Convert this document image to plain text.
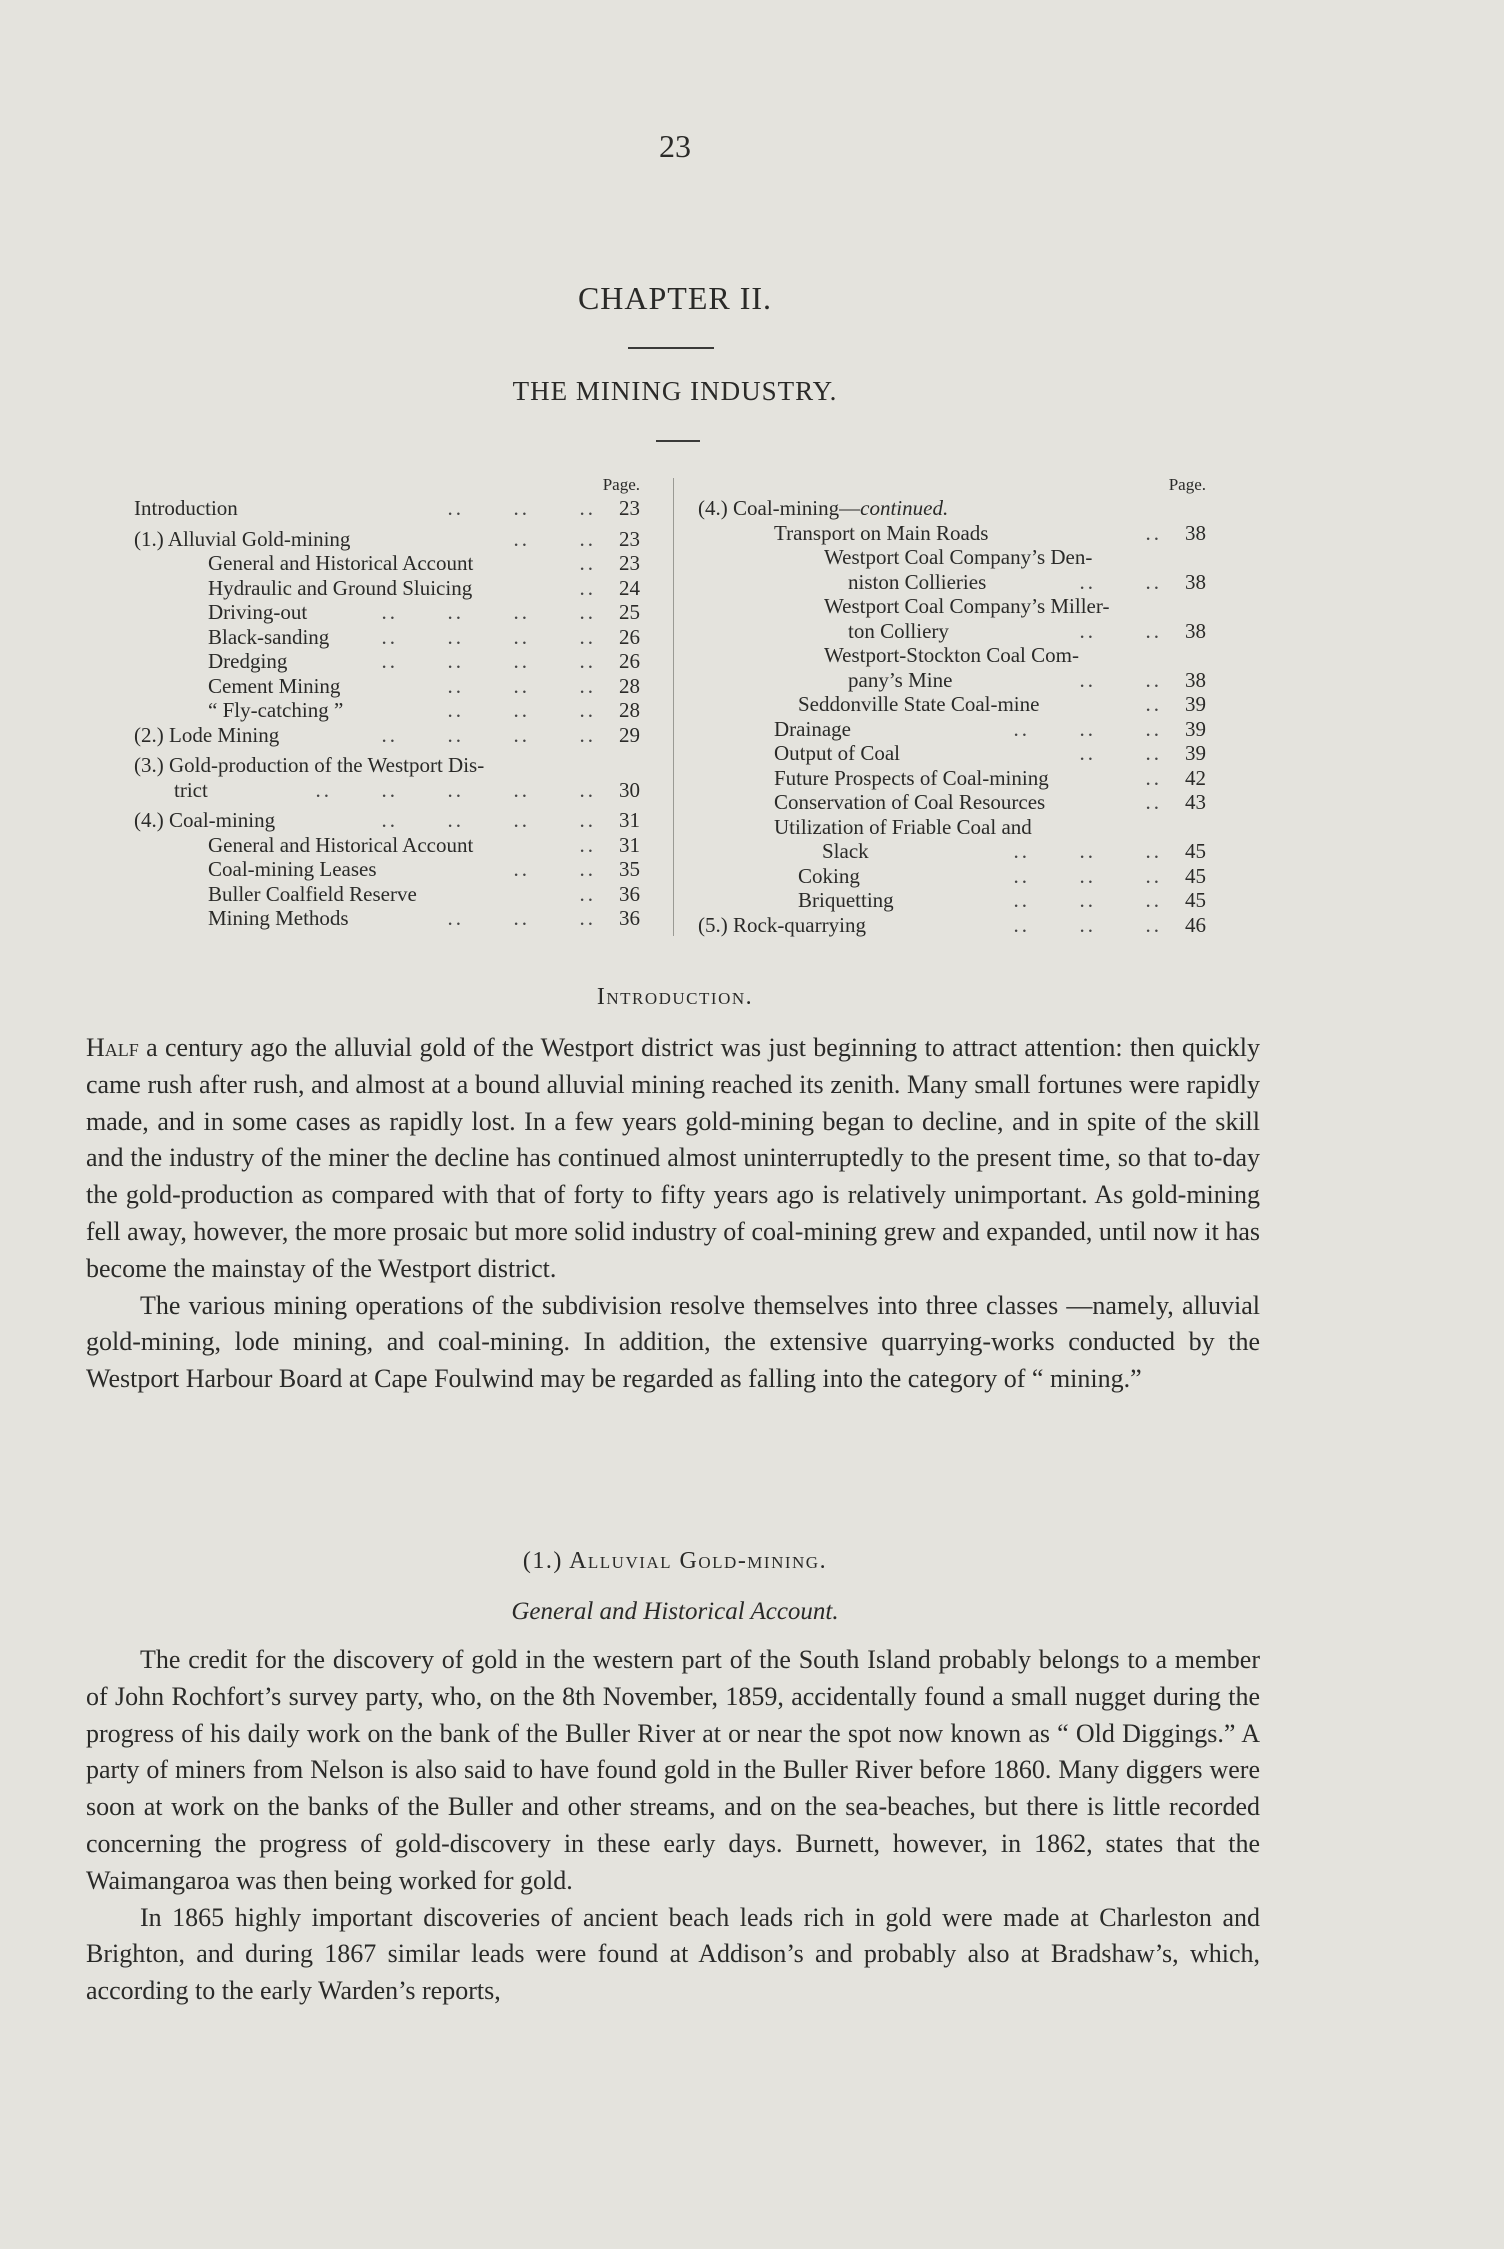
23
CHAPTER II.
THE MINING INDUSTRY.
Page.
Introduction	..      ..      ..	23
(1.) Alluvial Gold-mining	..      ..	23
General and Historical Account	..	23
Hydraulic and Ground Sluicing	..	24
Driving-out	..      ..      ..      ..	25
Black-sanding	..      ..      ..      ..	26
Dredging	..      ..      ..      ..	26
Cement Mining	..      ..      ..	28
“ Fly-catching ”	..      ..      ..	28
(2.) Lode Mining	..      ..      ..      ..	29
(3.) Gold-production of the Westport Dis-
trict	..      ..      ..      ..      ..	30
(4.) Coal-mining	..      ..      ..      ..	31
General and Historical Account	..	31
Coal-mining Leases	..      ..	35
Buller Coalfield Reserve	..	36
Mining Methods	..      ..      ..	36
Page.
(4.) Coal-mining—continued.
Transport on Main Roads	..	38
Westport Coal Company’s Den-
niston Collieries	..      ..	38
Westport Coal Company’s Miller-
ton Colliery	..      ..	38
Westport-Stockton Coal Com-
pany’s Mine	..      ..	38
Seddonville State Coal-mine	..	39
Drainage	..      ..      ..	39
Output of Coal	..      ..	39
Future Prospects of Coal-mining	..	42
Conservation of Coal Resources	..	43
Utilization of Friable Coal and
Slack	..      ..      ..	45
Coking	..      ..      ..	45
Briquetting	..      ..      ..	45
(5.) Rock-quarrying	..      ..      ..	46
Introduction.

Half a century ago the alluvial gold of the Westport district was just beginning to attract attention: then quickly came rush after rush, and almost at a bound alluvial mining reached its zenith. Many small fortunes were rapidly made, and in some cases as rapidly lost. In a few years gold-mining began to decline, and in spite of the skill and the industry of the miner the decline has continued almost uninterruptedly to the present time, so that to-day the gold-production as compared with that of forty to fifty years ago is relatively unimportant. As gold-mining fell away, however, the more prosaic but more solid industry of coal-mining grew and expanded, until now it has become the mainstay of the Westport district.

The various mining operations of the subdivision resolve themselves into three classes —namely, alluvial gold-mining, lode mining, and coal-mining. In addition, the extensive quarrying-works conducted by the Westport Harbour Board at Cape Foulwind may be regarded as falling into the category of “ mining.”

(1.) Alluvial Gold-mining.
General and Historical Account.

The credit for the discovery of gold in the western part of the South Island probably belongs to a member of John Rochfort’s survey party, who, on the 8th November, 1859, accidentally found a small nugget during the progress of his daily work on the bank of the Buller River at or near the spot now known as “ Old Diggings.” A party of miners from Nelson is also said to have found gold in the Buller River before 1860. Many diggers were soon at work on the banks of the Buller and other streams, and on the sea-beaches, but there is little recorded concerning the progress of gold-discovery in these early days. Burnett, however, in 1862, states that the Waimangaroa was then being worked for gold.

In 1865 highly important discoveries of ancient beach leads rich in gold were made at Charleston and Brighton, and during 1867 similar leads were found at Addison’s and probably also at Bradshaw’s, which, according to the early Warden’s reports,
